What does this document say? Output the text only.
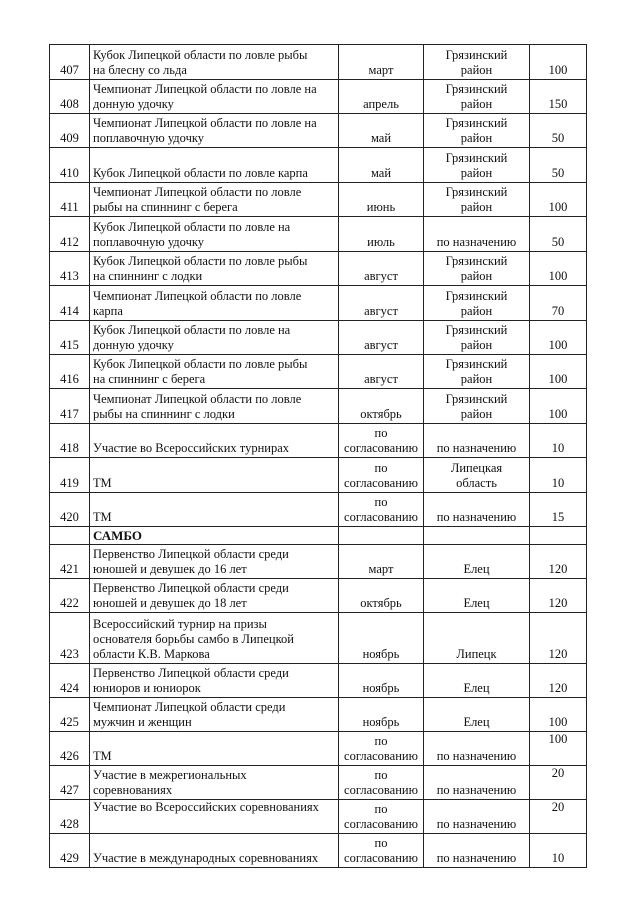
407	Кубок Липецкой области по ловле рыбы
на блесну со льда	март	Грязинский
район	100
408	Чемпионат Липецкой области по ловле на
донную удочку	апрель	Грязинский
район	150
409	Чемпионат Липецкой области по ловле на
поплавочную удочку	май	Грязинский
район	50
410	Кубок Липецкой области по ловле карпа	май	Грязинский
район	50
411	Чемпионат Липецкой области по ловле
рыбы на спиннинг с берега	июнь	Грязинский
район	100
412	Кубок Липецкой области по ловле на
поплавочную удочку	июль	по назначению	50
413	Кубок Липецкой области по ловле рыбы
на спиннинг с лодки	август	Грязинский
район	100
414	Чемпионат Липецкой области по ловле
карпа	август	Грязинский
район	70
415	Кубок Липецкой области по ловле на
донную удочку	август	Грязинский
район	100
416	Кубок Липецкой области по ловле рыбы
на спиннинг с берега	август	Грязинский
район	100
417	Чемпионат Липецкой области по ловле
рыбы на спиннинг с лодки	октябрь	Грязинский
район	100
418	Участие во Всероссийских турнирах	по
согласованию	по назначению	10
419	ТМ	по
согласованию	Липецкая
область	10
420	ТМ	по
согласованию	по назначению	15
	САМБО			
421	Первенство Липецкой области среди
юношей и девушек до 16 лет	март	Елец	120
422	Первенство Липецкой области среди
юношей и девушек до 18 лет	октябрь	Елец	120
423	Всероссийский турнир на призы
основателя борьбы самбо в Липецкой
области К.В. Маркова	ноябрь	Липецк	120
424	Первенство Липецкой области среди
юниоров и юниорок	ноябрь	Елец	120
425	Чемпионат Липецкой области среди
мужчин и женщин	ноябрь	Елец	100
426	ТМ	по
согласованию	по назначению	100
427	Участие в межрегиональных
соревнованиях	по
согласованию	по назначению	20
428	Участие во Всероссийских соревнованиях	по
согласованию	по назначению	20
429	Участие в международных соревнованиях	по
согласованию	по назначению	10
